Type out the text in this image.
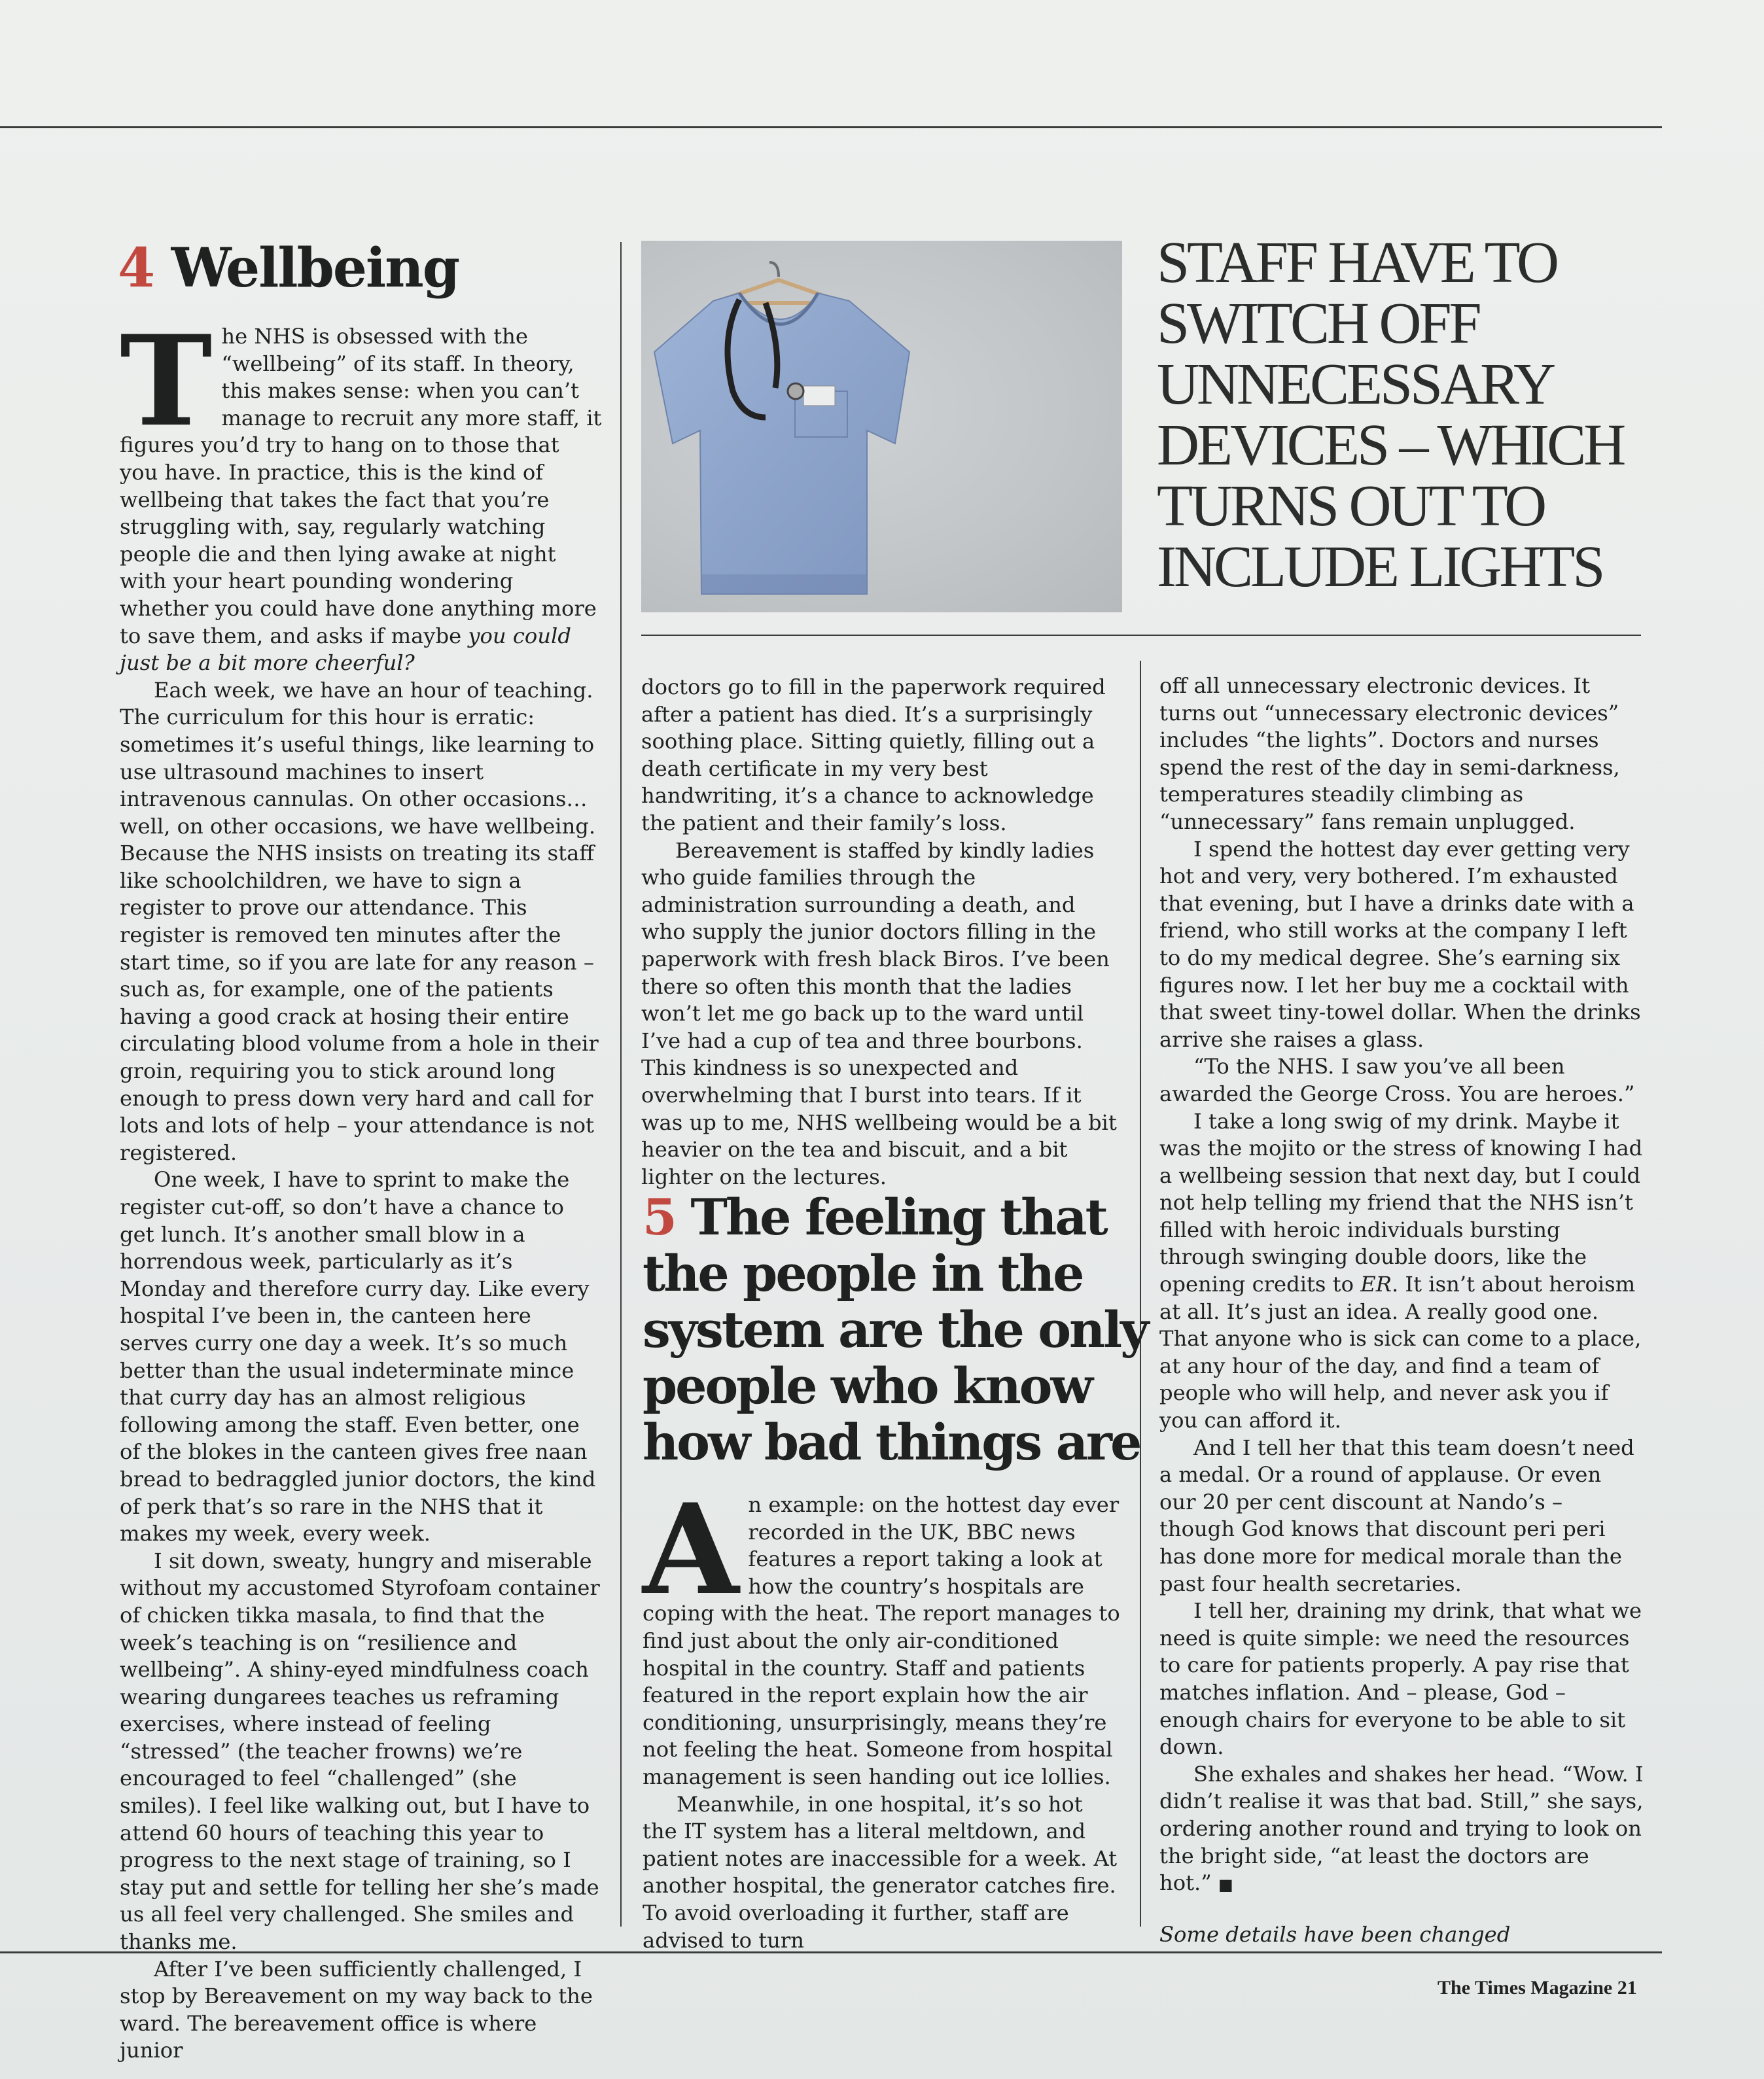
4 Wellbeing

The NHS is obsessed with the “wellbeing” of its staff. In theory, this makes sense: when you can’t manage to recruit any more staff, it figures you’d try to hang on to those that you have. In practice, this is the kind of wellbeing that takes the fact that you’re struggling with, say, regularly watching people die and then lying awake at night with your heart pounding wondering whether you could have done anything more to save them, and asks if maybe you could just be a bit more cheerful?

Each week, we have an hour of teaching. The curriculum for this hour is erratic: sometimes it’s useful things, like learning to use ultrasound machines to insert intravenous cannulas. On other occasions… well, on other occasions, we have wellbeing. Because the NHS insists on treating its staff like schoolchildren, we have to sign a register to prove our attendance. This register is removed ten minutes after the start time, so if you are late for any reason – such as, for example, one of the patients having a good crack at hosing their entire circulating blood volume from a hole in their groin, requiring you to stick around long enough to press down very hard and call for lots and lots of help – your attendance is not registered.

One week, I have to sprint to make the register cut-off, so don’t have a chance to get lunch. It’s another small blow in a horrendous week, particularly as it’s Monday and therefore curry day. Like every hospital I’ve been in, the canteen here serves curry one day a week. It’s so much better than the usual indeterminate mince that curry day has an almost religious following among the staff. Even better, one of the blokes in the canteen gives free naan bread to bedraggled junior doctors, the kind of perk that’s so rare in the NHS that it makes my week, every week.

I sit down, sweaty, hungry and miserable without my accustomed Styrofoam container of chicken tikka masala, to find that the week’s teaching is on “resilience and wellbeing”. A shiny-eyed mindfulness coach wearing dungarees teaches us reframing exercises, where instead of feeling “stressed” (the teacher frowns) we’re encouraged to feel “challenged” (she smiles). I feel like walking out, but I have to attend 60 hours of teaching this year to progress to the next stage of training, so I stay put and settle for telling her she’s made us all feel very challenged. She smiles and thanks me.

After I’ve been sufficiently challenged, I stop by Bereavement on my way back to the ward. The bereavement office is where junior

STAFF HAVE TO
SWITCH OFF
UNNECESSARY
DEVICES – WHICH
TURNS OUT TO
INCLUDE LIGHTS

doctors go to fill in the paperwork required after a patient has died. It’s a surprisingly soothing place. Sitting quietly, filling out a death certificate in my very best handwriting, it’s a chance to acknowledge the patient and their family’s loss.

Bereavement is staffed by kindly ladies who guide families through the administration surrounding a death, and who supply the junior doctors filling in the paperwork with fresh black Biros. I’ve been there so often this month that the ladies won’t let me go back up to the ward until I’ve had a cup of tea and three bourbons. This kindness is so unexpected and overwhelming that I burst into tears. If it was up to me, NHS wellbeing would be a bit heavier on the tea and biscuit, and a bit lighter on the lectures.

5 The feeling that
the people in the
system are the only
people who know
how bad things are

An example: on the hottest day ever recorded in the UK, BBC news features a report taking a look at how the country’s hospitals are coping with the heat. The report manages to find just about the only air-conditioned hospital in the country. Staff and patients featured in the report explain how the air conditioning, unsurprisingly, means they’re not feeling the heat. Someone from hospital management is seen handing out ice lollies.

Meanwhile, in one hospital, it’s so hot the IT system has a literal meltdown, and patient notes are inaccessible for a week. At another hospital, the generator catches fire. To avoid overloading it further, staff are advised to turn

off all unnecessary electronic devices. It turns out “unnecessary electronic devices” includes “the lights”. Doctors and nurses spend the rest of the day in semi-darkness, temperatures steadily climbing as “unnecessary” fans remain unplugged.

I spend the hottest day ever getting very hot and very, very bothered. I’m exhausted that evening, but I have a drinks date with a friend, who still works at the company I left to do my medical degree. She’s earning six figures now. I let her buy me a cocktail with that sweet tiny-towel dollar. When the drinks arrive she raises a glass.

“To the NHS. I saw you’ve all been awarded the George Cross. You are heroes.”

I take a long swig of my drink. Maybe it was the mojito or the stress of knowing I had a wellbeing session that next day, but I could not help telling my friend that the NHS isn’t filled with heroic individuals bursting through swinging double doors, like the opening credits to ER. It isn’t about heroism at all. It’s just an idea. A really good one. That anyone who is sick can come to a place, at any hour of the day, and find a team of people who will help, and never ask you if you can afford it.

And I tell her that this team doesn’t need a medal. Or a round of applause. Or even our 20 per cent discount at Nando’s – though God knows that discount peri peri has done more for medical morale than the past four health secretaries.

I tell her, draining my drink, that what we need is quite simple: we need the resources to care for patients properly. A pay rise that matches inflation. And – please, God – enough chairs for everyone to be able to sit down.

She exhales and shakes her head. “Wow. I didn’t realise it was that bad. Still,” she says, ordering another round and trying to look on the bright side, “at least the doctors are hot.” ■

Some details have been changed

The Times Magazine 21
